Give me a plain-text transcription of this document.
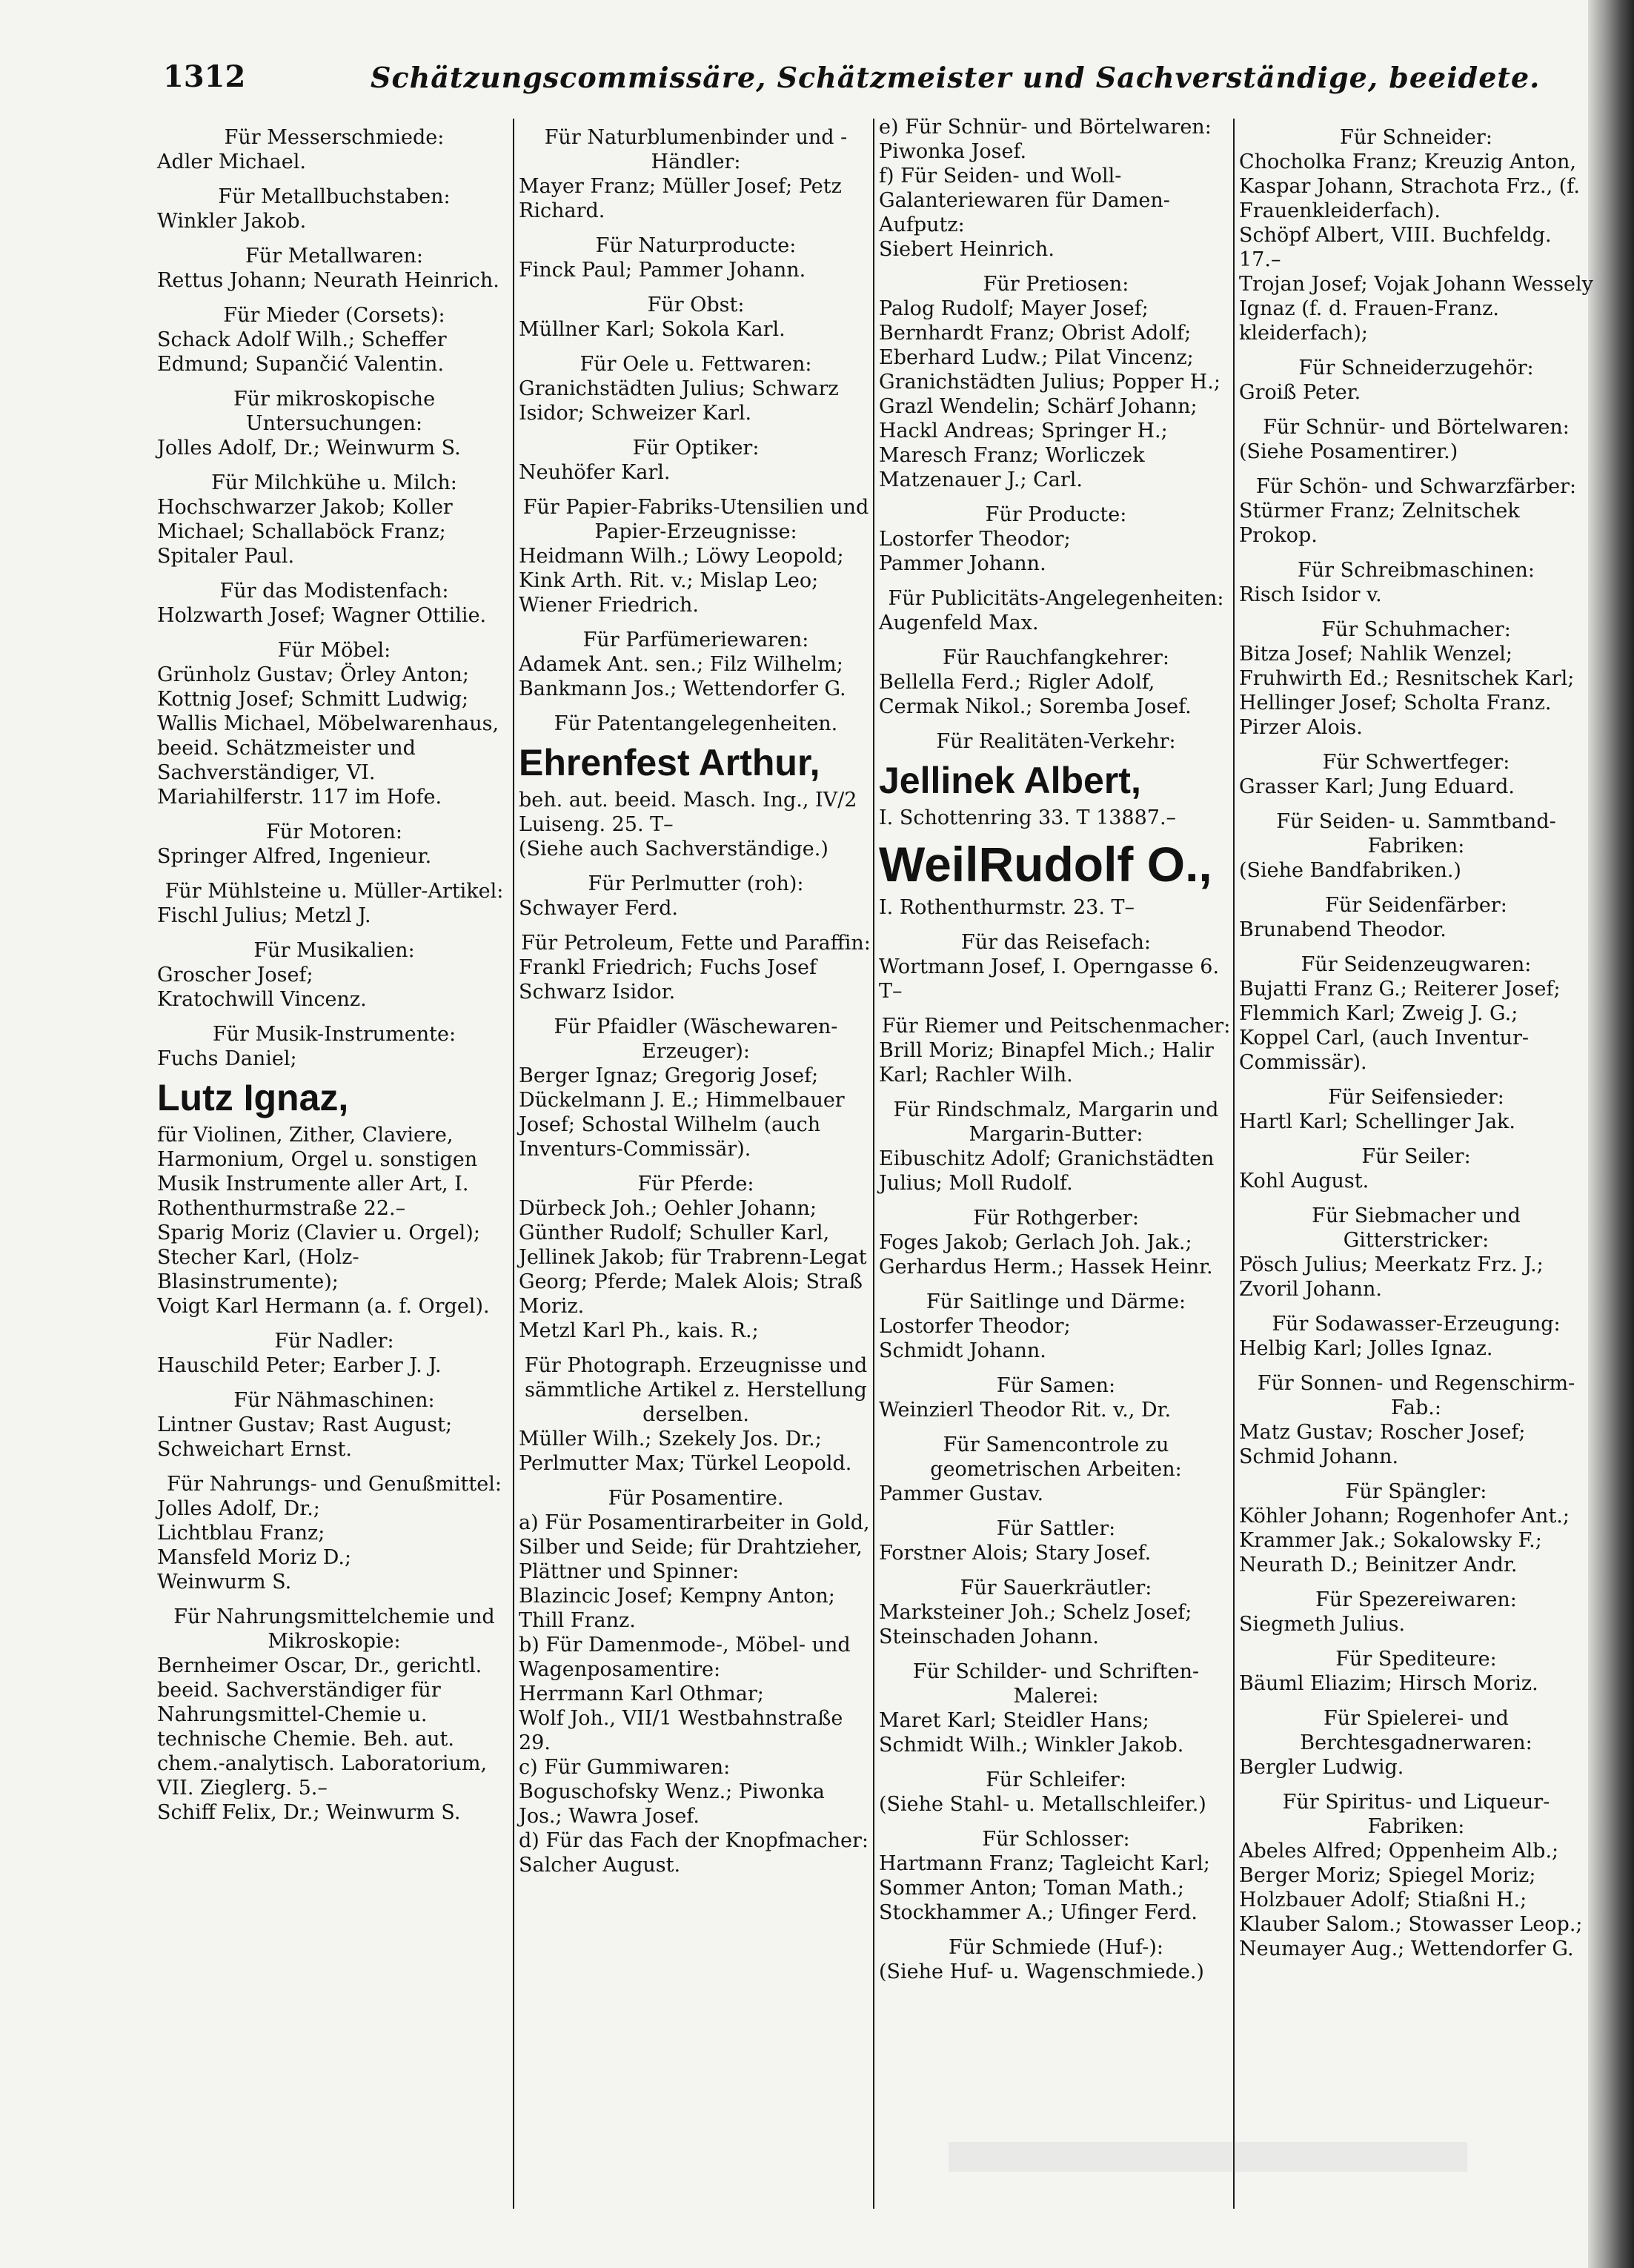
1312	Schätzungscommissäre, Schätzmeister und Sachverständige, beeidete.
Für Messerschmiede:
Adler Michael.
Für Metallbuchstaben:
Winkler Jakob.
Für Metallwaren:
Rettus Johann; Neurath Heinrich.
Für Mieder (Corsets):
Schack Adolf Wilh.; Scheffer Edmund; Supančić Valentin.
Für mikroskopische Untersuchungen:
Jolles Adolf, Dr.; Weinwurm S.
Für Milchkühe u. Milch:
Hochschwarzer Jakob; Koller Michael; Schallaböck Franz; Spitaler Paul.
Für das Modistenfach:
Holzwarth Josef; Wagner Ottilie.
Für Möbel:
Grünholz Gustav; Örley Anton; Kottnig Josef; Schmitt Ludwig;
Wallis Michael, Möbelwarenhaus, beeid. Schätzmeister und Sachverständiger, VI. Mariahilferstr. 117 im Hofe.
Für Motoren:
Springer Alfred, Ingenieur.
Für Mühlsteine u. Müller-Artikel:
Fischl Julius; Metzl J.
Für Musikalien:
Groscher Josef;
Kratochwill Vincenz.
Für Musik-Instrumente:
Fuchs Daniel;
Lutz Ignaz,
für Violinen, Zither, Claviere, Harmonium, Orgel u. sonstigen Musik Instrumente aller Art, I. Rothenthurmstraße 22.–
Sparig Moriz (Clavier u. Orgel); Stecher Karl, (Holz-Blasinstrumente);
Voigt Karl Hermann (a. f. Orgel).
Für Nadler:
Hauschild Peter; Earber J. J.
Für Nähmaschinen:
Lintner Gustav; Rast August; Schweichart Ernst.
Für Nahrungs- und Genußmittel:
Jolles Adolf, Dr.;
Lichtblau Franz;
Mansfeld Moriz D.;
Weinwurm S.
Für Nahrungsmittelchemie und Mikroskopie:
Bernheimer Oscar, Dr., gerichtl. beeid. Sachverständiger für Nahrungsmittel-Chemie u. technische Chemie. Beh. aut. chem.-analytisch. Laboratorium, VII. Zieglerg. 5.–
Schiff Felix, Dr.; Weinwurm S.
Für Naturblumenbinder und -Händler:
Mayer Franz; Müller Josef; Petz Richard.
Für Naturproducte:
Finck Paul; Pammer Johann.
Für Obst:
Müllner Karl; Sokola Karl.
Für Oele u. Fettwaren:
Granichstädten Julius; Schwarz Isidor; Schweizer Karl.
Für Optiker:
Neuhöfer Karl.
Für Papier-Fabriks-Utensilien und Papier-Erzeugnisse:
Heidmann Wilh.; Löwy Leopold; Kink Arth. Rit. v.; Mislap Leo; Wiener Friedrich.
Für Parfümeriewaren:
Adamek Ant. sen.; Filz Wilhelm; Bankmann Jos.; Wettendorfer G.
Für Patentangelegenheiten.
Ehrenfest Arthur,
beh. aut. beeid. Masch. Ing., IV/2 Luiseng. 25. T–
(Siehe auch Sachverständige.)
Für Perlmutter (roh):
Schwayer Ferd.
Für Petroleum, Fette und Paraffin:
Frankl Friedrich; Fuchs Josef Schwarz Isidor.
Für Pfaidler (Wäschewaren-Erzeuger):
Berger Ignaz; Gregorig Josef; Dückelmann J. E.; Himmelbauer Josef; Schostal Wilhelm (auch Inventurs-Commissär).
Für Pferde:
Dürbeck Joh.; Oehler Johann; Günther Rudolf; Schuller Karl, Jellinek Jakob; für Trabrenn-Legat Georg; Pferde; Malek Alois; Straß Moriz.
Metzl Karl Ph., kais. R.;
Für Photograph. Erzeugnisse und sämmtliche Artikel z. Herstellung derselben.
Müller Wilh.; Szekely Jos. Dr.; Perlmutter Max; Türkel Leopold.
Für Posamentire.
a) Für Posamentirarbeiter in Gold, Silber und Seide; für Drahtzieher, Plättner und Spinner:
Blazincic Josef; Kempny Anton; Thill Franz.
b) Für Damenmode-, Möbel- und Wagenposamentire:
Herrmann Karl Othmar;
Wolf Joh., VII/1 Westbahnstraße 29.
c) Für Gummiwaren:
Boguschofsky Wenz.; Piwonka Jos.; Wawra Josef.
d) Für das Fach der Knopfmacher:
Salcher August.
e) Für Schnür- und Börtelwaren:
Piwonka Josef.
f) Für Seiden- und Woll-Galanteriewaren für Damen-Aufputz:
Siebert Heinrich.
Für Pretiosen:
Palog Rudolf; Mayer Josef; Bernhardt Franz; Obrist Adolf; Eberhard Ludw.; Pilat Vincenz; Granichstädten Julius; Popper H.; Grazl Wendelin; Schärf Johann; Hackl Andreas; Springer H.; Maresch Franz; Worliczek Matzenauer J.; Carl.
Für Producte:
Lostorfer Theodor;
Pammer Johann.
Für Publicitäts-Angelegenheiten:
Augenfeld Max.
Für Rauchfangkehrer:
Bellella Ferd.; Rigler Adolf, Cermak Nikol.; Soremba Josef.
Für Realitäten-Verkehr:
Jellinek Albert,
I. Schottenring 33. T 13887.–
WeilRudolf O.,
I. Rothenthurmstr. 23. T–
Für das Reisefach:
Wortmann Josef, I. Operngasse 6. T–
Für Riemer und Peitschenmacher:
Brill Moriz; Binapfel Mich.; Halir Karl; Rachler Wilh.
Für Rindschmalz, Margarin und Margarin-Butter:
Eibuschitz Adolf; Granichstädten Julius; Moll Rudolf.
Für Rothgerber:
Foges Jakob; Gerlach Joh. Jak.; Gerhardus Herm.; Hassek Heinr.
Für Saitlinge und Därme:
Lostorfer Theodor;
Schmidt Johann.
Für Samen:
Weinzierl Theodor Rit. v., Dr.
Für Samencontrole zu geometrischen Arbeiten:
Pammer Gustav.
Für Sattler:
Forstner Alois; Stary Josef.
Für Sauerkräutler:
Marksteiner Joh.; Schelz Josef; Steinschaden Johann.
Für Schilder- und Schriften-Malerei:
Maret Karl; Steidler Hans; Schmidt Wilh.; Winkler Jakob.
Für Schleifer:
(Siehe Stahl- u. Metallschleifer.)
Für Schlosser:
Hartmann Franz; Tagleicht Karl; Sommer Anton; Toman Math.; Stockhammer A.; Ufinger Ferd.
Für Schmiede (Huf-):
(Siehe Huf- u. Wagenschmiede.)
Für Schneider:
Chocholka Franz; Kreuzig Anton, Kaspar Johann, Strachota Frz., (f. Frauenkleiderfach).
Schöpf Albert, VIII. Buchfeldg. 17.–
Trojan Josef; Vojak Johann Wessely Ignaz (f. d. Frauen-Franz. kleiderfach);
Für Schneiderzugehör:
Groiß Peter.
Für Schnür- und Börtelwaren:
(Siehe Posamentirer.)
Für Schön- und Schwarzfärber:
Stürmer Franz; Zelnitschek Prokop.
Für Schreibmaschinen:
Risch Isidor v.
Für Schuhmacher:
Bitza Josef; Nahlik Wenzel; Fruhwirth Ed.; Resnitschek Karl; Hellinger Josef; Scholta Franz. Pirzer Alois.
Für Schwertfeger:
Grasser Karl; Jung Eduard.
Für Seiden- u. Sammtband-Fabriken:
(Siehe Bandfabriken.)
Für Seidenfärber:
Brunabend Theodor.
Für Seidenzeugwaren:
Bujatti Franz G.; Reiterer Josef; Flemmich Karl; Zweig J. G.;
Koppel Carl, (auch Inventur-Commissär).
Für Seifensieder:
Hartl Karl; Schellinger Jak.
Für Seiler:
Kohl August.
Für Siebmacher und Gitterstricker:
Pösch Julius; Meerkatz Frz. J.; Zvoril Johann.
Für Sodawasser-Erzeugung:
Helbig Karl; Jolles Ignaz.
Für Sonnen- und Regenschirm-Fab.:
Matz Gustav; Roscher Josef; Schmid Johann.
Für Spängler:
Köhler Johann; Rogenhofer Ant.; Krammer Jak.; Sokalowsky F.; Neurath D.; Beinitzer Andr.
Für Spezereiwaren:
Siegmeth Julius.
Für Spediteure:
Bäuml Eliazim; Hirsch Moriz.
Für Spielerei- und Berchtesgadnerwaren:
Bergler Ludwig.
Für Spiritus- und Liqueur-Fabriken:
Abeles Alfred; Oppenheim Alb.; Berger Moriz; Spiegel Moriz; Holzbauer Adolf; Stiaßni H.; Klauber Salom.; Stowasser Leop.; Neumayer Aug.; Wettendorfer G.
